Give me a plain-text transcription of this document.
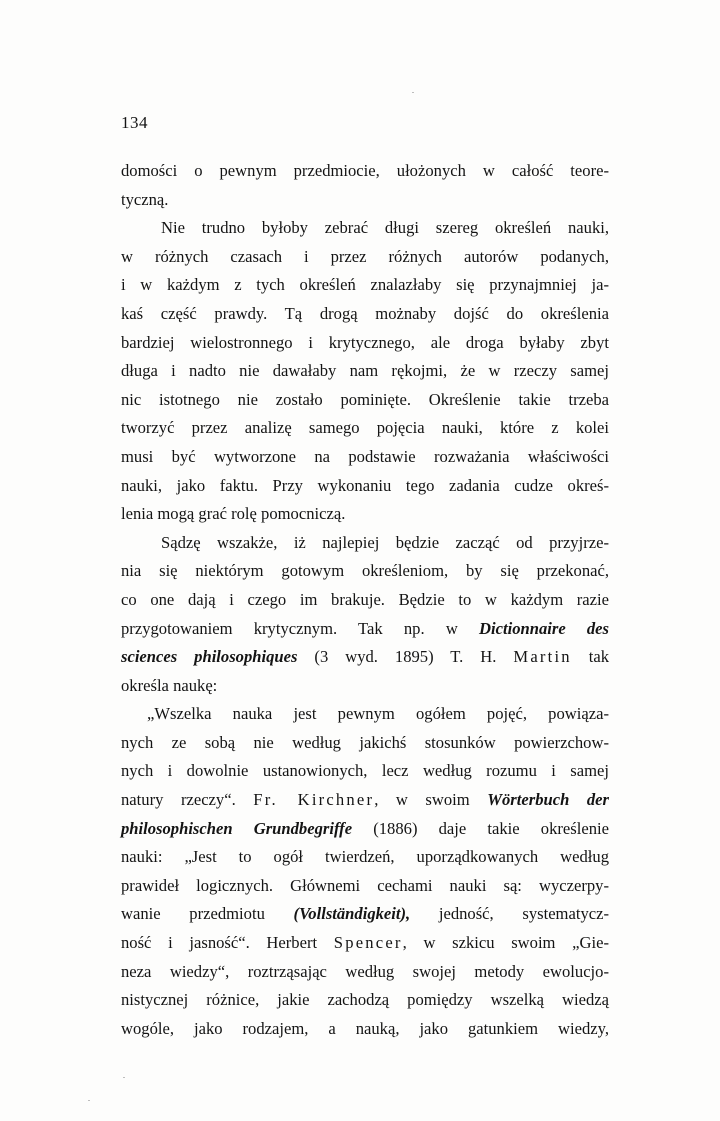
134
domości o pewnym przedmiocie, ułożonych w całość teore-
tyczną.
Nie trudno byłoby zebrać długi szereg określeń nauki,
w różnych czasach i przez różnych autorów podanych,
i w każdym z tych określeń znalazłaby się przynajmniej ja-
kaś część prawdy. Tą drogą możnaby dojść do określenia
bardziej wielostronnego i krytycznego, ale droga byłaby zbyt
długa i nadto nie dawałaby nam rękojmi, że w rzeczy samej
nic istotnego nie zostało pominięte. Określenie takie trzeba
tworzyć przez analizę samego pojęcia nauki, które z kolei
musi być wytworzone na podstawie rozważania właściwości
nauki, jako faktu. Przy wykonaniu tego zadania cudze okreś-
lenia mogą grać rolę pomocniczą.
Sądzę wszakże, iż najlepiej będzie zacząć od przyjrze-
nia się niektórym gotowym określeniom, by się przekonać,
co one dają i czego im brakuje. Będzie to w każdym razie
przygotowaniem krytycznym. Tak np. w Dictionnaire des
sciences philosophiques (3 wyd. 1895) T. H. Martin tak
określa naukę:
„Wszelka nauka jest pewnym ogółem pojęć, powiąza-
nych ze sobą nie według jakichś stosunków powierzchow-
nych i dowolnie ustanowionych, lecz według rozumu i samej
natury rzeczy“. Fr. Kirchner, w swoim Wörterbuch der
philosophischen Grundbegriffe (1886) daje takie określenie
nauki: „Jest to ogół twierdzeń, uporządkowanych według
prawideł logicznych. Głównemi cechami nauki są: wyczerpy-
wanie przedmiotu (Vollständigkeit), jedność, systematycz-
ność i jasność“. Herbert Spencer, w szkicu swoim „Gie-
neza wiedzy“, roztrząsając według swojej metody ewolucjo-
nistycznej różnice, jakie zachodzą pomiędzy wszelką wiedzą
wogóle, jako rodzajem, a nauką, jako gatunkiem wiedzy,
